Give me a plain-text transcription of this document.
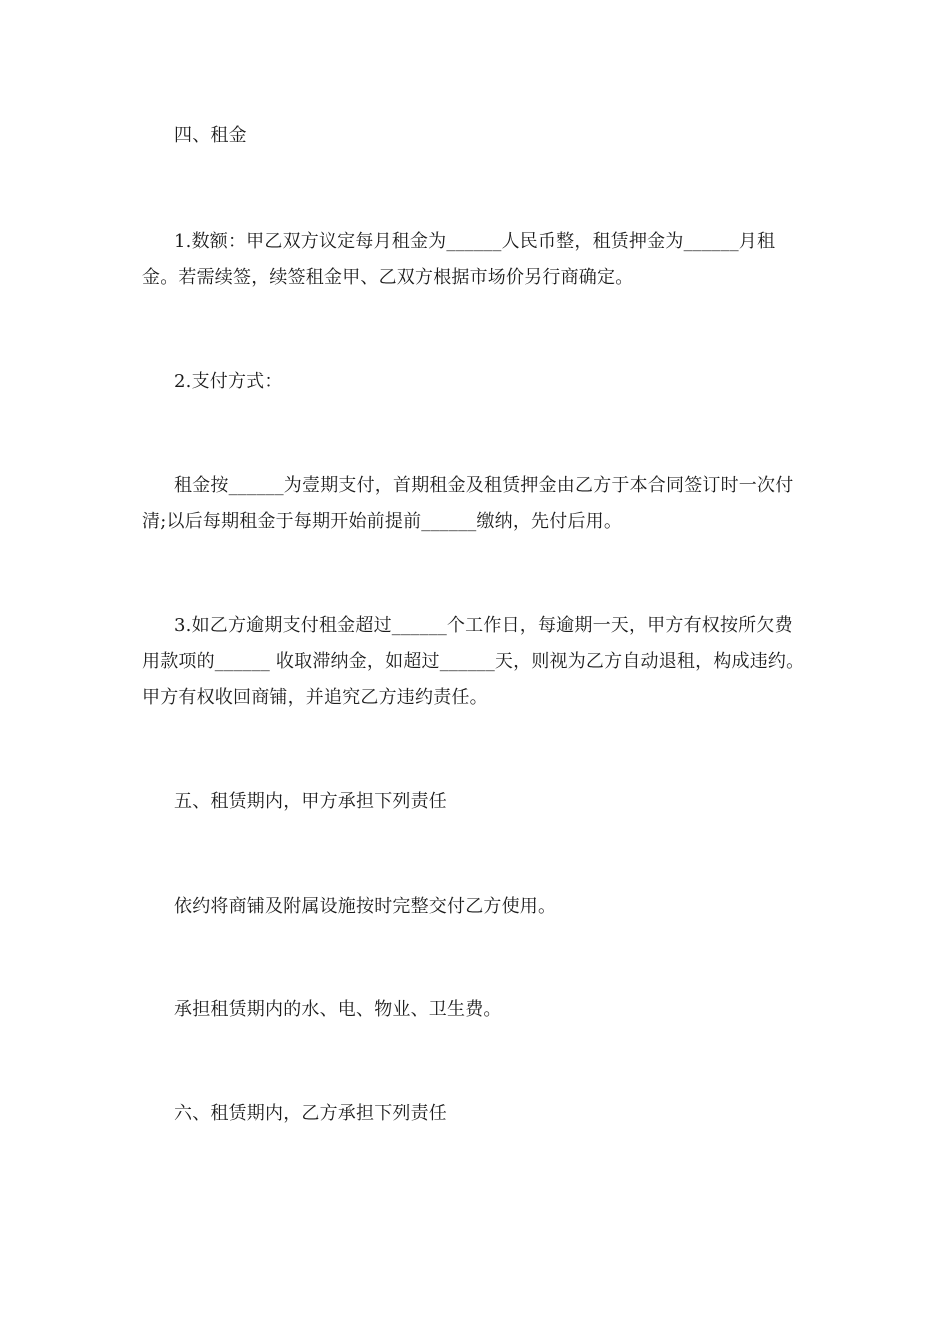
四、租金

1.数额：甲乙双方议定每月租金为______人民币整，租赁押金为______月租金。若需续签，续签租金甲、乙双方根据市场价另行商确定。

2.支付方式：

租金按______为壹期支付，首期租金及租赁押金由乙方于本合同签订时一次付清;以后每期租金于每期开始前提前______缴纳，先付后用。

3.如乙方逾期支付租金超过______个工作日，每逾期一天，甲方有权按所欠费用款项的______ 收取滞纳金，如超过______天，则视为乙方自动退租，构成违约。甲方有权收回商铺，并追究乙方违约责任。

五、租赁期内，甲方承担下列责任

依约将商铺及附属设施按时完整交付乙方使用。

承担租赁期内的水、电、物业、卫生费。

六、租赁期内，乙方承担下列责任
